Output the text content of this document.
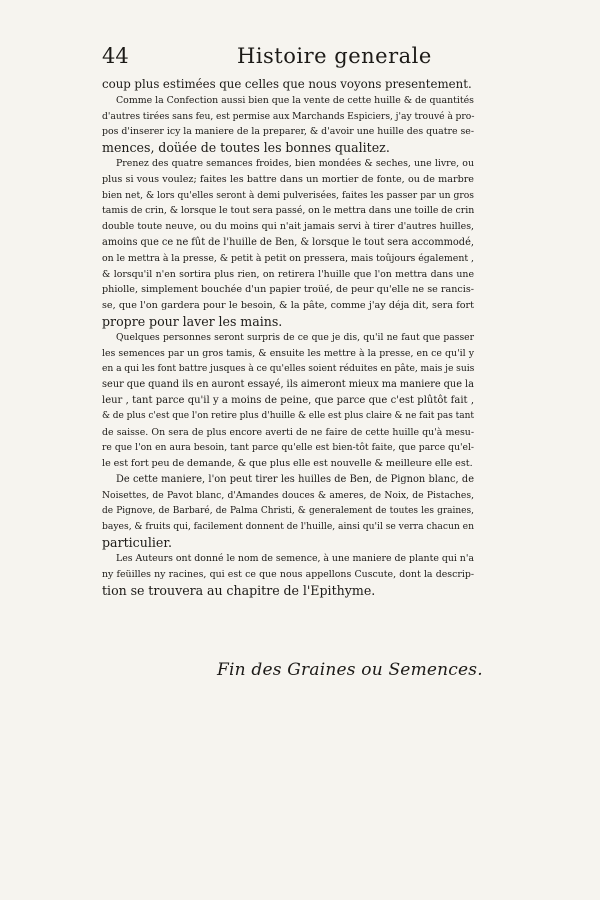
44	Histoire generale
coup plus estimées que celles que nous voyons presentement.
Comme la Confection aussi bien que la vente de cette huille & de quantités
d'autres tirées sans feu, est permise aux Marchands Espiciers, j'ay trouvé à pro-
pos d'inserer icy la maniere de la preparer, & d'avoir une huille des quatre se-
mences, doüée de toutes les bonnes qualitez.
Prenez des quatre semances froides, bien mondées & seches, une livre, ou
plus si vous voulez; faites les battre dans un mortier de fonte, ou de marbre
bien net, & lors qu'elles seront à demi pulverisées, faites les passer par un gros
tamis de crin, & lorsque le tout sera passé, on le mettra dans une toille de crin
double toute neuve, ou du moins qui n'ait jamais servi à tirer d'autres huilles,
amoins que ce ne fût de l'huille de Ben, & lorsque le tout sera accommodé,
on le mettra à la presse, & petit à petit on pressera, mais toûjours également ,
& lorsqu'il n'en sortira plus rien, on retirera l'huille que l'on mettra dans une
phiolle, simplement bouchée d'un papier troüé, de peur qu'elle ne se rancis-
se, que l'on gardera pour le besoin, & la pâte, comme j'ay déja dit, sera fort
propre pour laver les mains.
Quelques personnes seront surpris de ce que je dis, qu'il ne faut que passer
les semences par un gros tamis, & ensuite les mettre à la presse, en ce qu'il y
en a qui les font battre jusques à ce qu'elles soient réduites en pâte, mais je suis
seur que quand ils en auront essayé, ils aimeront mieux ma maniere que la
leur , tant parce qu'il y a moins de peine, que parce que c'est plûtôt fait ,
& de plus c'est que l'on retire plus d'huille & elle est plus claire & ne fait pas tant
de saisse. On sera de plus encore averti de ne faire de cette huille qu'à mesu-
re que l'on en aura besoin, tant parce qu'elle est bien-tôt faite, que parce qu'el-
le est fort peu de demande, & que plus elle est nouvelle & meilleure elle est.
De cette maniere, l'on peut tirer les huilles de Ben, de Pignon blanc, de
Noisettes, de Pavot blanc, d'Amandes douces & ameres, de Noix, de Pistaches,
de Pignove, de Barbaré, de Palma Christi, & generalement de toutes les graines,
bayes, & fruits qui, facilement donnent de l'huille, ainsi qu'il se verra chacun en
particulier.
Les Auteurs ont donné le nom de semence, à une maniere de plante qui n'a
ny feüilles ny racines, qui est ce que nous appellons Cuscute, dont la descrip-
tion se trouvera au chapitre de l'Epithyme.
Fin des Graines ou Semences.
